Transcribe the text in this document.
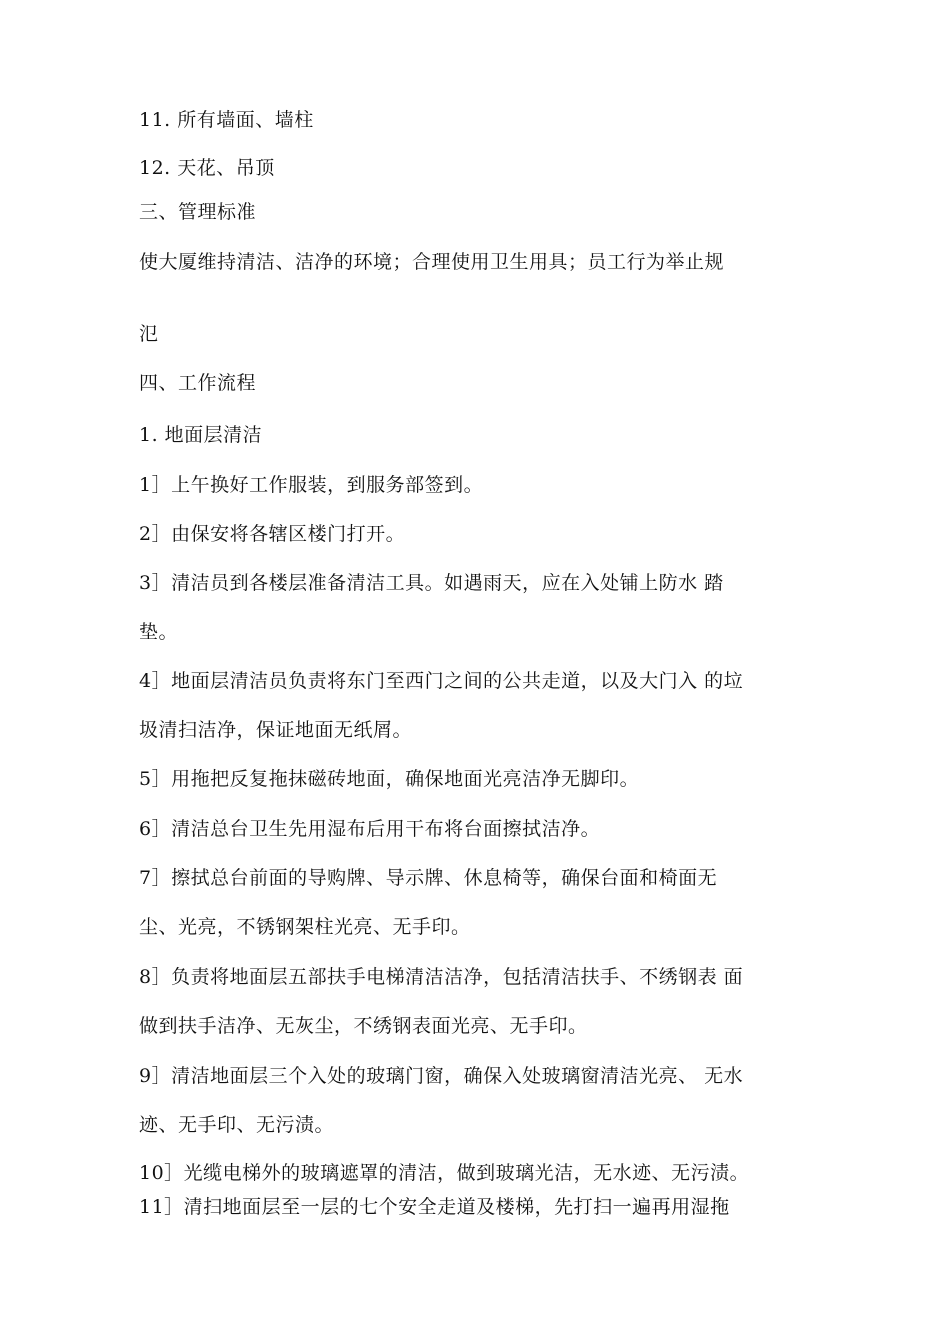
11. 所有墙面、墙柱
12. 天花、吊顶
三、管理标准
使大厦维持清洁、洁净的环境；合理使用卫生用具；员工行为举止规
氾
四、工作流程
1. 地面层清洁
1］上午换好工作服装，到服务部签到。
2］由保安将各辖区楼门打开。
3］清洁员到各楼层准备清洁工具。如遇雨天，应在入处铺上防水 踏
垫。
4］地面层清洁员负责将东门至西门之间的公共走道，以及大门入 的垃
圾清扫洁净，保证地面无纸屑。
5］用拖把反复拖抹磁砖地面，确保地面光亮洁净无脚印。
6］清洁总台卫生先用湿布后用干布将台面擦拭洁净。
7］擦拭总台前面的导购牌、导示牌、休息椅等，确保台面和椅面无
尘、光亮，不锈钢架柱光亮、无手印。
8］负责将地面层五部扶手电梯清洁洁净，包括清洁扶手、不绣钢表 面
做到扶手洁净、无灰尘，不绣钢表面光亮、无手印。
9］清洁地面层三个入处的玻璃门窗，确保入处玻璃窗清洁光亮、 无水
迹、无手印、无污渍。
10］光缆电梯外的玻璃遮罩的清洁，做到玻璃光洁，无水迹、无污渍。
11］清扫地面层至一层的七个安全走道及楼梯，先打扫一遍再用湿拖
